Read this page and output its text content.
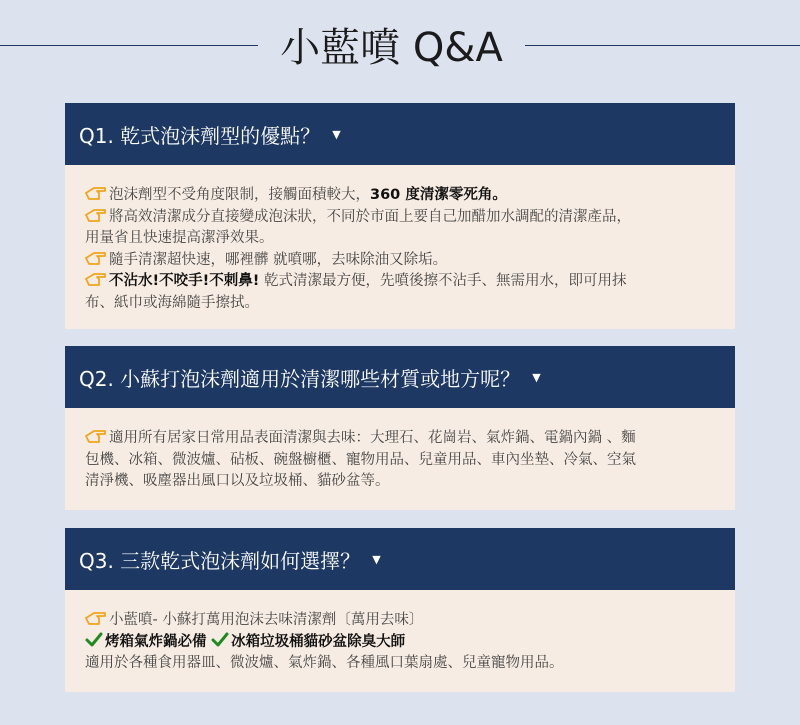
小藍噴 Q&A
Q1. 乾式泡沫劑型的優點？ ▼
泡沫劑型不受角度限制，接觸面積較大，360 度清潔零死角。
將高效清潔成分直接變成泡沫狀，不同於市面上要自己加醋加水調配的清潔產品，
用量省且快速提高潔淨效果。
隨手清潔超快速，哪裡髒 就噴哪，去味除油又除垢。
不沾水!不咬手!不刺鼻! 乾式清潔最方便，先噴後擦不沾手、無需用水，即可用抹
布、紙巾或海綿隨手擦拭。
Q2. 小蘇打泡沫劑適用於清潔哪些材質或地方呢？ ▼
適用所有居家日常用品表面清潔與去味：大理石、花崗岩、氣炸鍋、電鍋內鍋 、麵
包機、冰箱、微波爐、砧板、碗盤櫥櫃、寵物用品、兒童用品、車內坐墊、冷氣、空氣
清淨機、吸塵器出風口以及垃圾桶、貓砂盆等。
Q3. 三款乾式泡沫劑如何選擇？ ▼
小藍噴- 小蘇打萬用泡沫去味清潔劑〔萬用去味〕
烤箱氣炸鍋必備 冰箱垃圾桶貓砂盆除臭大師
適用於各種食用器皿、微波爐、氣炸鍋、各種風口葉扇處、兒童寵物用品。
